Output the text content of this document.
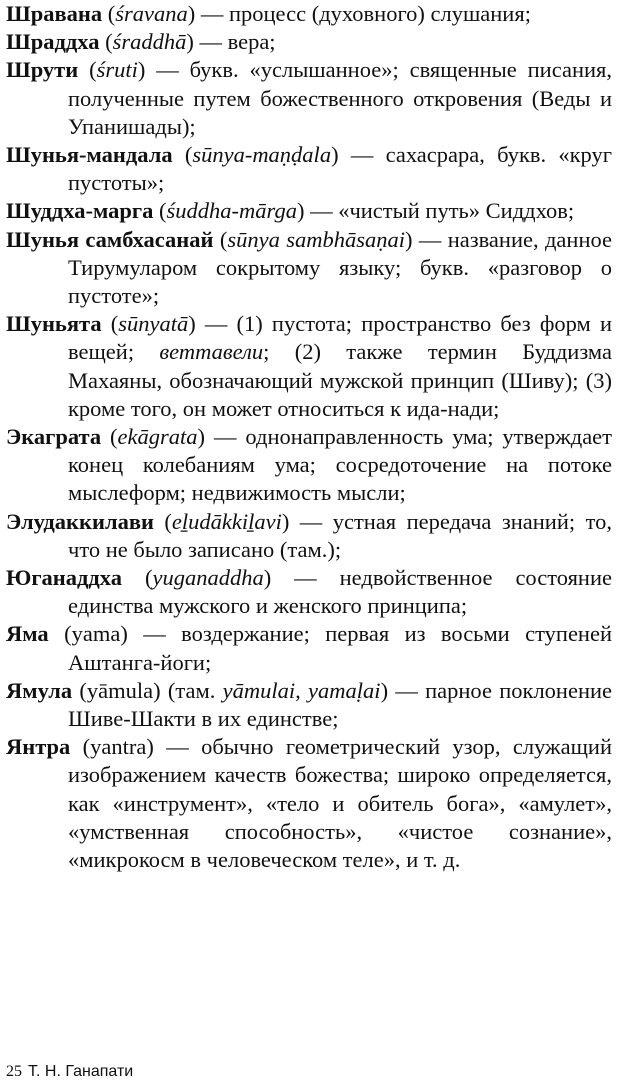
Шравана (śravana) — процесс (духовного) слушания;
Шраддха (śraddhā) — вера;
Шрути (śruti) — букв. «услышанное»; священные писания, полученные путем божественного откровения (Веды и Упанишады);
Шунья-мандала (sūnya-maṇḍala) — сахасрара, букв. «круг пустоты»;
Шуддха-марга (śuddha-mārga) — «чистый путь» Сиддхов;
Шунья самбхасанай (sūnya sambhāsaṇai) — название, данное Тирумуларом сокрытому языку; букв. «разговор о пустоте»;
Шуньята (sūnyatā) — (1) пустота; пространство без форм и вещей; веттавели; (2) также термин Буддизма Махаяны, обозначающий мужской принцип (Шиву); (3) кроме того, он может относиться к ида-нади;
Экаграта (ekāgrata) — однонаправленность ума; утверждает конец колебаниям ума; сосредоточение на потоке мыслеформ; недвижимость мысли;
Элудаккилави (eḻudākkiḻavi) — устная передача знаний; то, что не было записано (там.);
Юганаддха (yuganaddha) — недвойственное состояние единства мужского и женского принципа;
Яма (yama) — воздержание; первая из восьми ступеней Аштанга-йоги;
Ямула (yāmula) (там. yāmulai, yamaḷai) — парное поклонение Шиве-Шакти в их единстве;
Янтра (yantra) — обычно геометрический узор, служащий изображением качеств божества; широко определяется, как «инструмент», «тело и обитель бога», «амулет», «умственная способность», «чистое сознание», «микрокосм в человеческом теле», и т. д.
25 Т. Н. Ганапати
